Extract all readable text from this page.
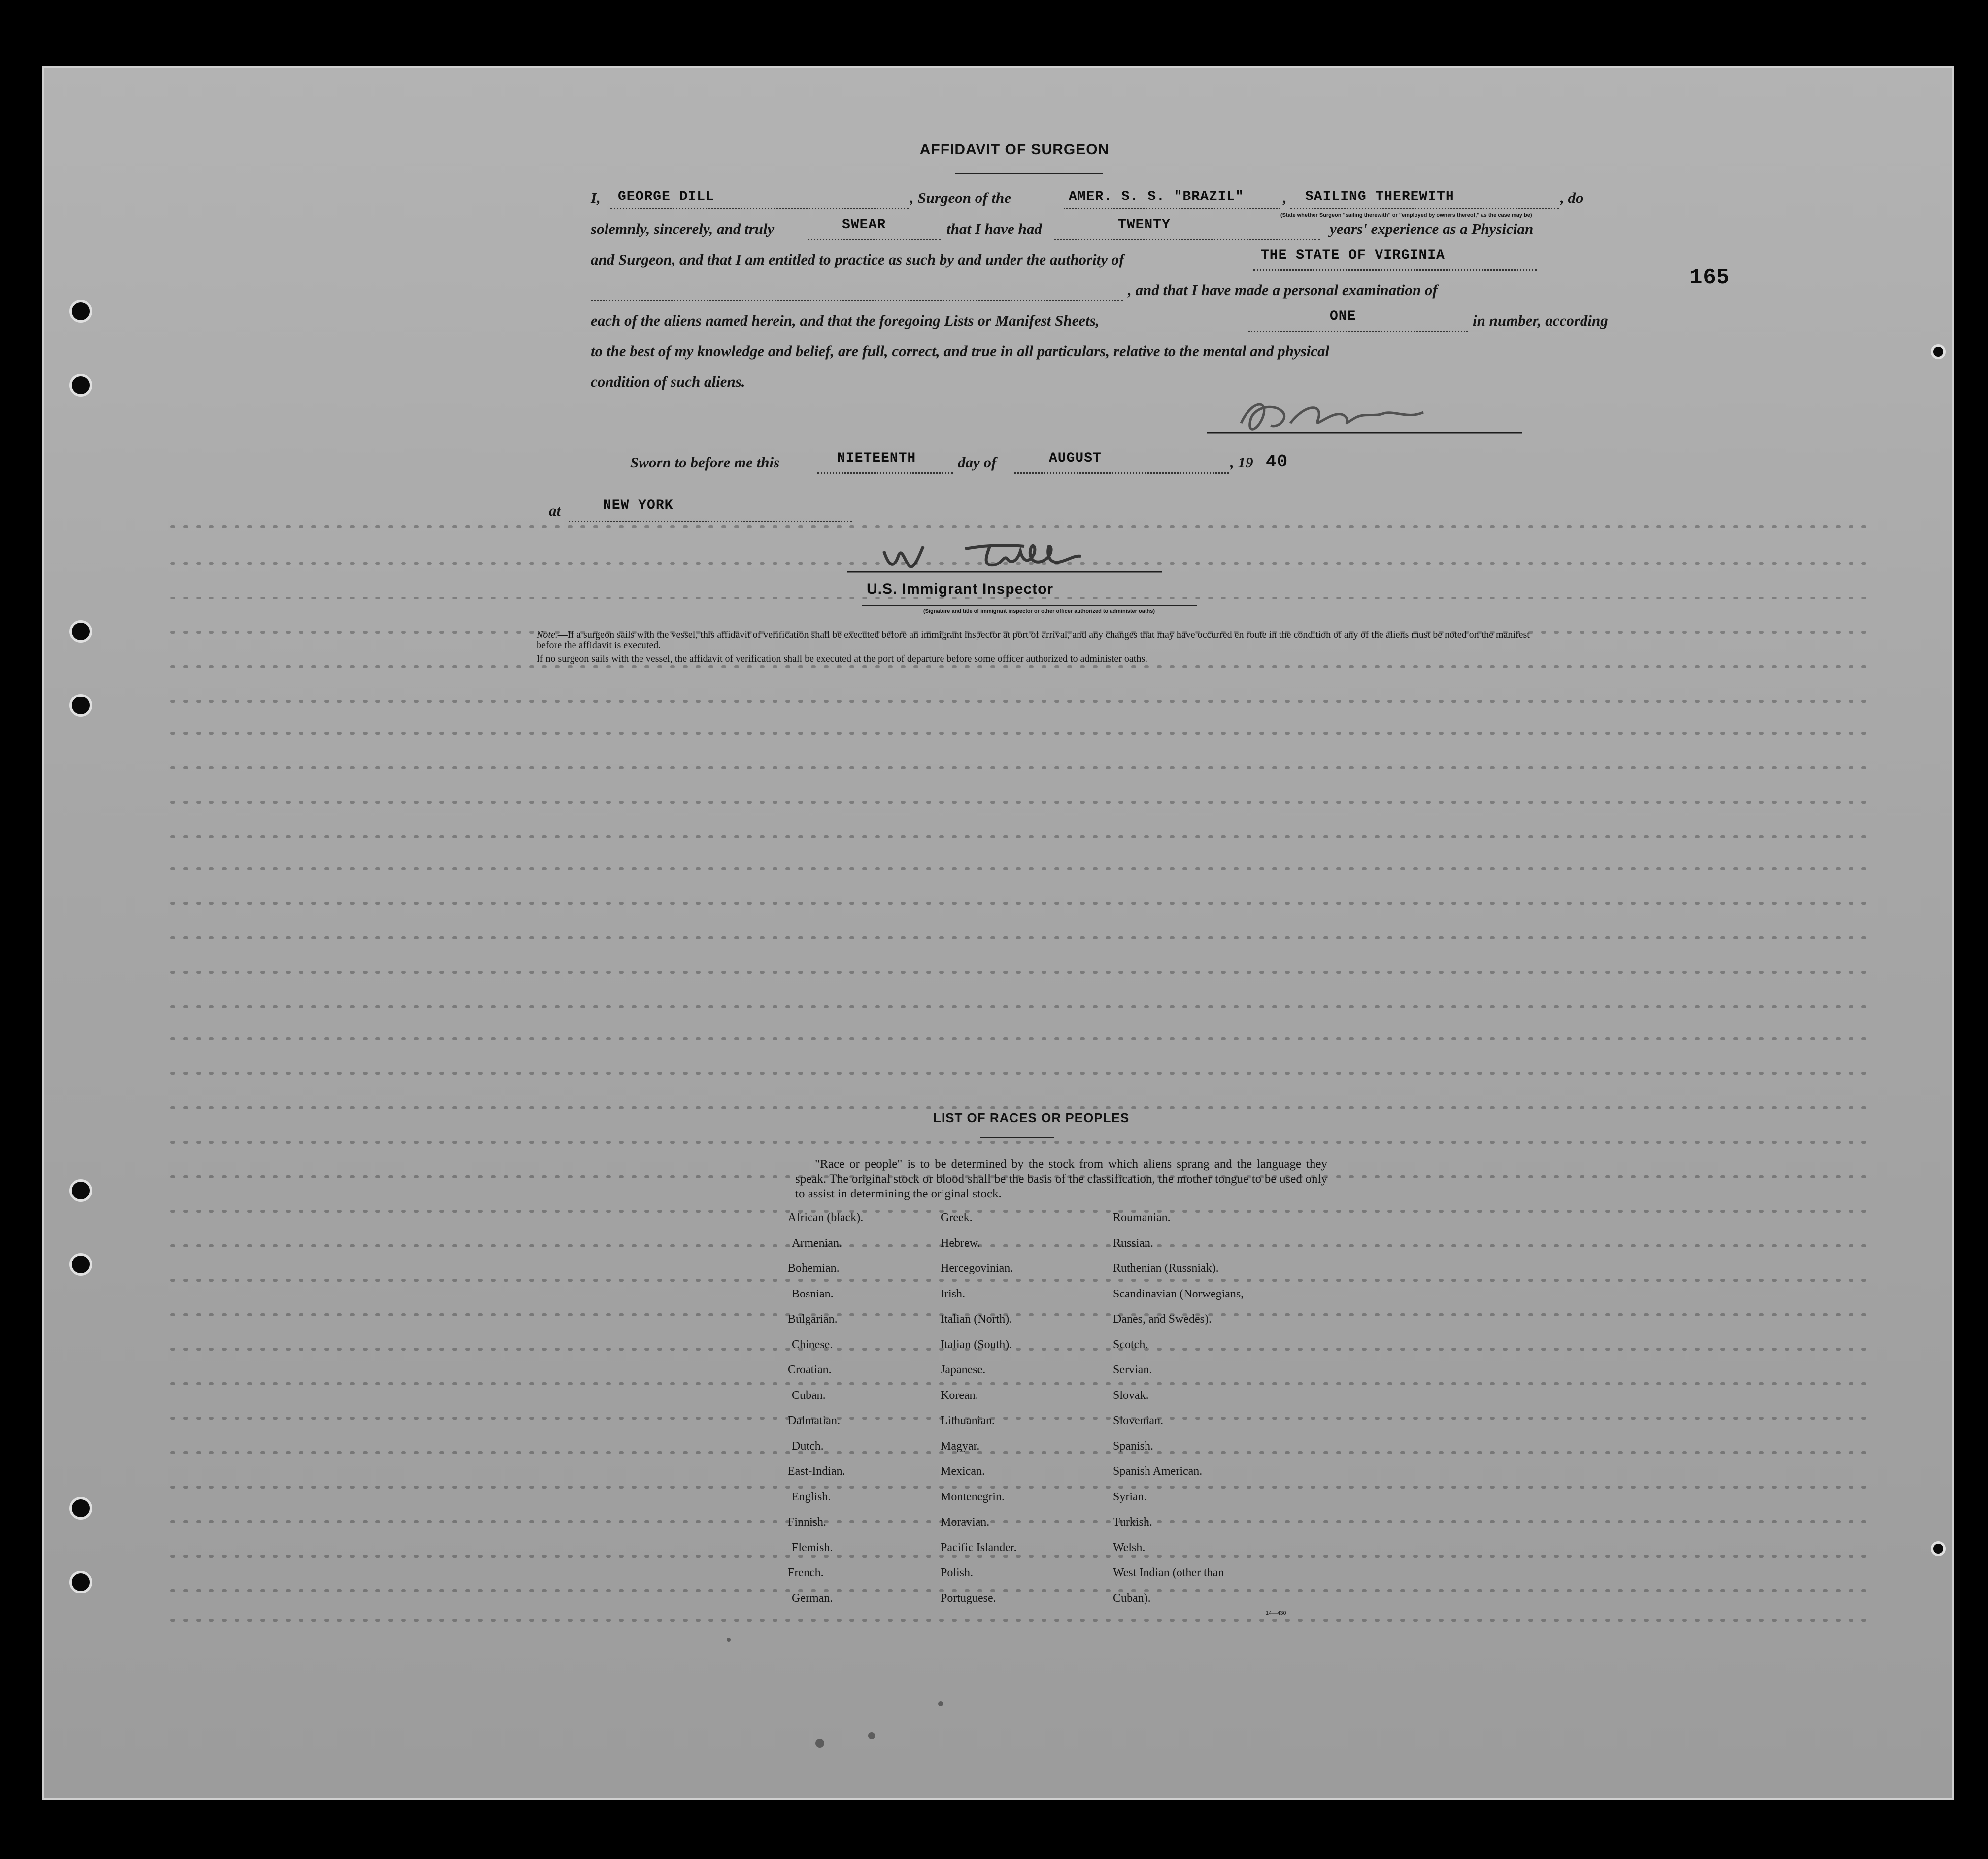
165
AFFIDAVIT OF SURGEON
I, GEORGE DILL	, Surgeon of the	AMER. S. S. "BRAZIL"	, SAILING THEREWITH	, do
solemnly, sincerely, and truly	SWEAR	that I have had	TWENTY	years' experience as a Physician
(State whether Surgeon "sailing therewith" or "employed by owners thereof," as the case may be)
and Surgeon, and that I am entitled to practice as such by and under the authority of	THE STATE OF VIRGINIA
, and that I have made a personal examination of
each of the aliens named herein, and that the foregoing Lists or Manifest Sheets,	ONE	in number, according
to the best of my knowledge and belief, are full, correct, and true in all particulars, relative to the mental and physical
condition of such aliens.
Sworn to before me this	NIETEENTH	day of	AUGUST	, 19 40
at	NEW YORK
U.S. Immigrant Inspector
(Signature and title of immigrant inspector or other officer authorized to administer oaths)
Note.—If a surgeon sails with the vessel, this affidavit of verification shall be executed before an immigrant inspector at port of arrival, and any changes that may have occurred en route in the condition of any of the aliens must be noted on the manifest before the affidavit is executed.
If no surgeon sails with the vessel, the affidavit of verification shall be executed at the port of departure before some officer authorized to administer oaths.
LIST OF RACES OR PEOPLES
"Race or people" is to be determined by the stock from which aliens sprang and the language they speak. The original stock or blood shall be the basis of the classification, the mother tongue to be used only to assist in determining the original stock.
African (black).
Armenian.
Bohemian.
Bosnian.
Bulgarian.
Chinese.
Croatian.
Cuban.
Dalmatian.
Dutch.
East-Indian.
English.
Finnish.
Flemish.
French.
German.
Greek.
Hebrew.
Hercegovinian.
Irish.
Italian (North).
Italian (South).
Japanese.
Korean.
Lithuanian.
Magyar.
Mexican.
Montenegrin.
Moravian.
Pacific Islander.
Polish.
Portuguese.
Roumanian.
Russian.
Ruthenian (Russniak).
Scandinavian (Norwegians,
Danes, and Swedes).
Scotch.
Servian.
Slovak.
Slovenian.
Spanish.
Spanish American.
Syrian.
Turkish.
Welsh.
West Indian (other than
Cuban).
14—430
